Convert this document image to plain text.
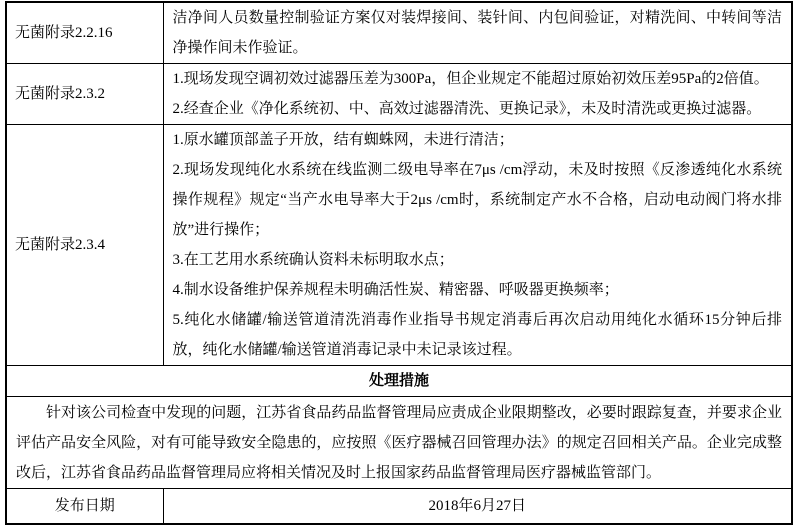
无菌附录2.2.16	洁净间人员数量控制验证方案仅对装焊接间、装针间、内包间验证，对精洗间、中转间等洁净操作间未作验证。

无菌附录2.3.2	1.现场发现空调初效过滤器压差为300Pa，但企业规定不能超过原始初效压差95Pa的2倍值。

2.经查企业《净化系统初、中、高效过滤器清洗、更换记录》，未及时清洗或更换过滤器。

无菌附录2.3.4	1.原水罐顶部盖子开放，结有蜘蛛网，未进行清洁；

2.现场发现纯化水系统在线监测二级电导率在7μs /cm浮动，未及时按照《反渗透纯化水系统操作规程》规定“当产水电导率大于2μs /cm时，系统制定产水不合格，启动电动阀门将水排放”进行操作；

3.在工艺用水系统确认资料未标明取水点；

4.制水设备维护保养规程未明确活性炭、精密器、呼吸器更换频率；

5.纯化水储罐/输送管道清洗消毒作业指导书规定消毒后再次启动用纯化水循环15分钟后排放，纯化水储罐/输送管道消毒记录中未记录该过程。

处理措施	

针对该公司检查中发现的问题，江苏省食品药品监督管理局应责成企业限期整改，必要时跟踪复查，并要求企业评估产品安全风险，对有可能导致安全隐患的，应按照《医疗器械召回管理办法》的规定召回相关产品。企业完成整改后，江苏省食品药品监督管理局应将相关情况及时上报国家药品监督管理局医疗器械监管部门。	

发布日期	2018年6月27日
